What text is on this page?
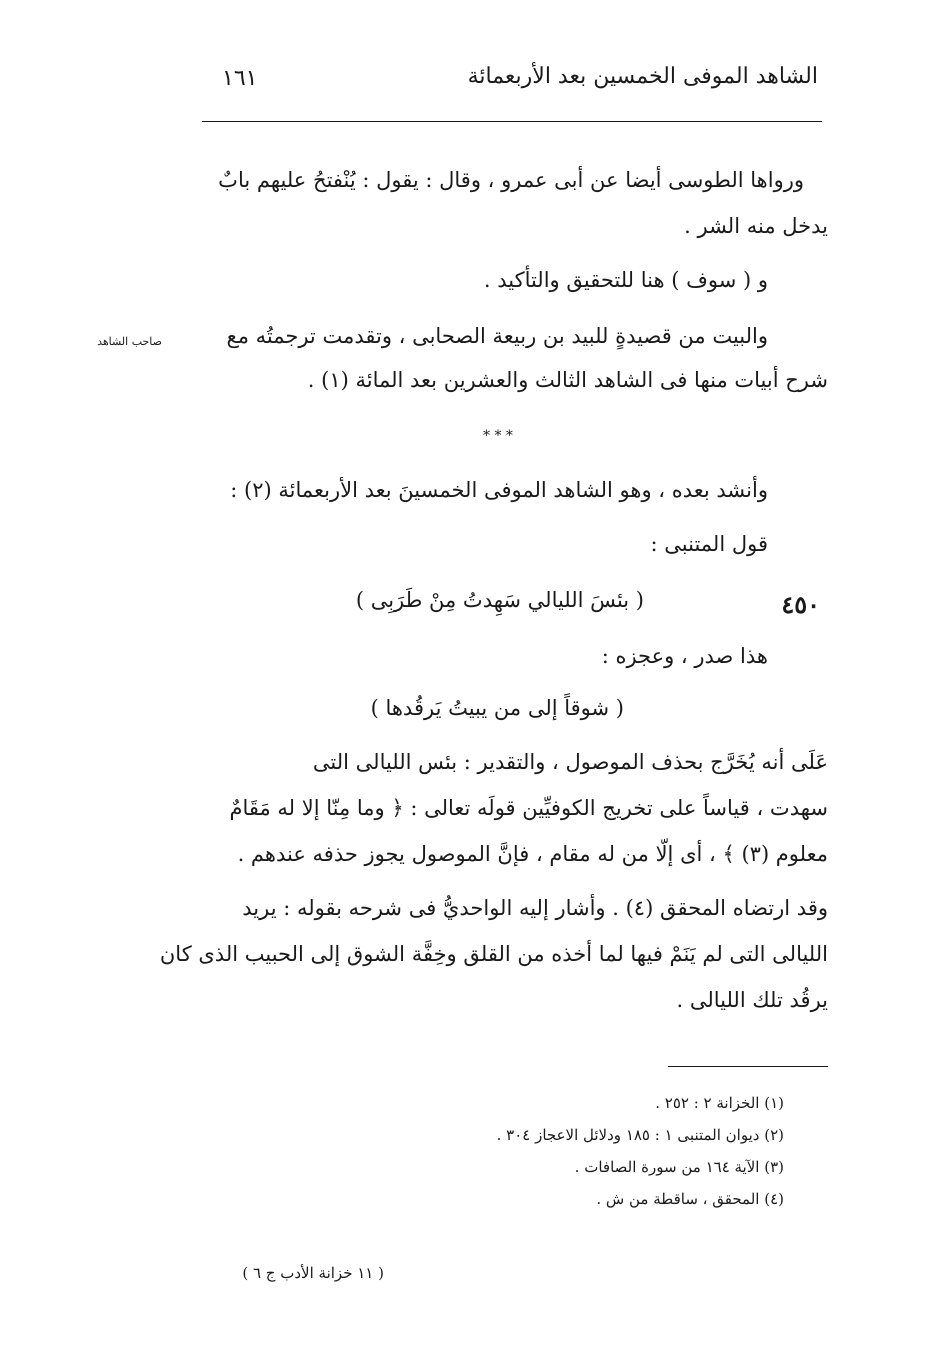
١٦١	الشاهد الموفى الخمسين بعد الأربعمائة
ورواها الطوسى أيضا عن أبى عمرو ، وقال : يقول : يُنْفتحُ عليهم بابٌ
يدخل منه الشر .
و ( سوف ) هنا للتحقيق والتأكيد .
والبيت من قصيدةٍ للبيد بن ربيعة الصحابى ، وتقدمت ترجمتُه مع
صاحب الشاهد
شرح أبيات منها فى الشاهد الثالث والعشرين بعد المائة (١) .
* * *
وأنشد بعده ، وهو الشاهد الموفى الخمسينَ بعد الأربعمائة (٢) :
قول المتنبى :
٤٥٠
( بئسَ الليالي سَهِدتُ مِنْ طَرَبِى )
هذا صدر ، وعجزه :
( شوقاً إلى من يبيتُ يَرقُدها )
عَلَى أنه يُخَرَّج بحذف الموصول ، والتقدير : بئس الليالى التى
سهدت ، قياساً على تخريج الكوفيِّين قولَه تعالى : ﴿ وما مِنّا إلا له مَقَامٌ
معلوم (٣) ﴾ ، أى إلّا من له مقام ، فإنَّ الموصول يجوز حذفه عندهم .
وقد ارتضاه المحقق (٤) . وأشار إليه الواحديُّ فى شرحه بقوله : يريد
الليالى التى لم يَنَمْ فيها لما أخذه من القلق وخِفَّة الشوق إلى الحبيب الذى كان
يرقُد تلك الليالى .
(١) الخزانة ٢ : ٢٥٢ .
(٢) ديوان المتنبى ١ : ١٨٥ ودلائل الاعجاز ٣٠٤ .
(٣) الآية ١٦٤ من سورة الصافات .
(٤) المحقق ، ساقطة من ش .
( ١١ خزانة الأدب ج ٦ )
